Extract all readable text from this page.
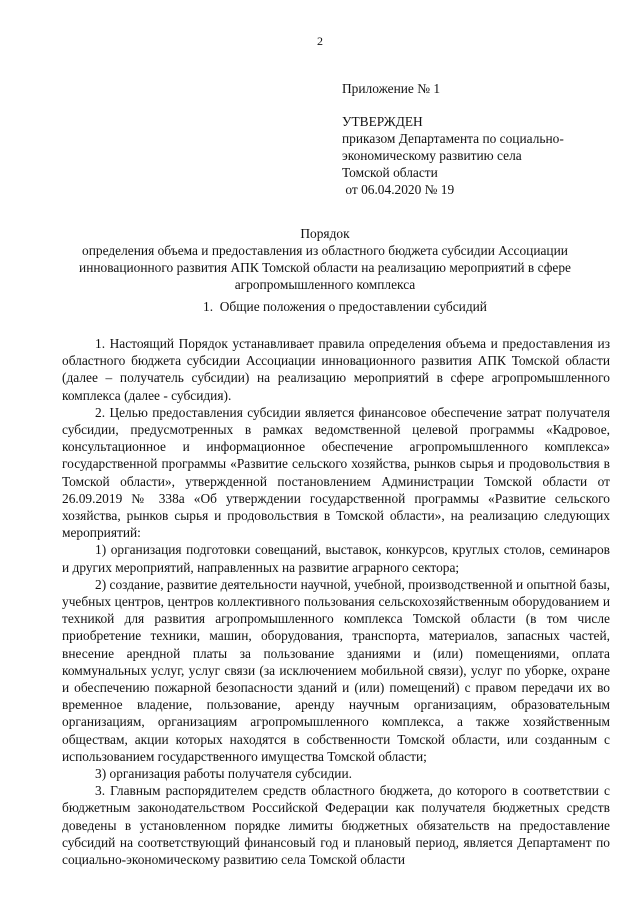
2
Приложение № 1
УТВЕРЖДЕН
приказом Департамента по социально-
экономическому развитию села
Томской области
от 06.04.2020 № 19
Порядок
определения объема и предоставления из областного бюджета субсидии Ассоциации
инновационного развития АПК Томской области на реализацию мероприятий в сфере
агропромышленного комплекса
1.  Общие положения о предоставлении субсидий

1. Настоящий Порядок устанавливает правила определения объема и предоставления из областного бюджета субсидии Ассоциации инновационного развития АПК Томской области (далее – получатель субсидии) на реализацию мероприятий в сфере агропромышленного комплекса (далее - субсидия).

2. Целью предоставления субсидии является финансовое обеспечение затрат получателя субсидии, предусмотренных в рамках ведомственной целевой программы «Кадровое, консультационное и информационное обеспечение агропромышленного комплекса» государственной программы «Развитие сельского хозяйства, рынков сырья и продовольствия в Томской области», утвержденной постановлением Администрации Томской области от 26.09.2019 № 338а «Об утверждении государственной программы «Развитие сельского хозяйства, рынков сырья и продовольствия в Томской области», на реализацию следующих мероприятий:

1) организация подготовки совещаний, выставок, конкурсов, круглых столов, семинаров и других мероприятий, направленных на развитие аграрного сектора;

2) создание, развитие деятельности научной, учебной, производственной и опытной базы, учебных центров, центров коллективного пользования сельскохозяйственным оборудованием и техникой для развития агропромышленного комплекса Томской области (в том числе приобретение техники, машин, оборудования, транспорта, материалов, запасных частей, внесение арендной платы за пользование зданиями и (или) помещениями, оплата коммунальных услуг, услуг связи (за исключением мобильной связи), услуг по уборке, охране и обеспечению пожарной безопасности зданий и (или) помещений) с правом передачи их во временное владение, пользование, аренду научным организациям, образовательным организациям, организациям агропромышленного комплекса, а также хозяйственным обществам, акции которых находятся в собственности Томской области, или созданным с использованием государственного имущества Томской области;

3) организация работы получателя субсидии.

3. Главным распорядителем средств областного бюджета, до которого в соответствии с бюджетным законодательством Российской Федерации как получателя бюджетных средств доведены в установленном порядке лимиты бюджетных обязательств на предоставление субсидий на соответствующий финансовый год и плановый период, является Департамент по социально-экономическому развитию села Томской области
